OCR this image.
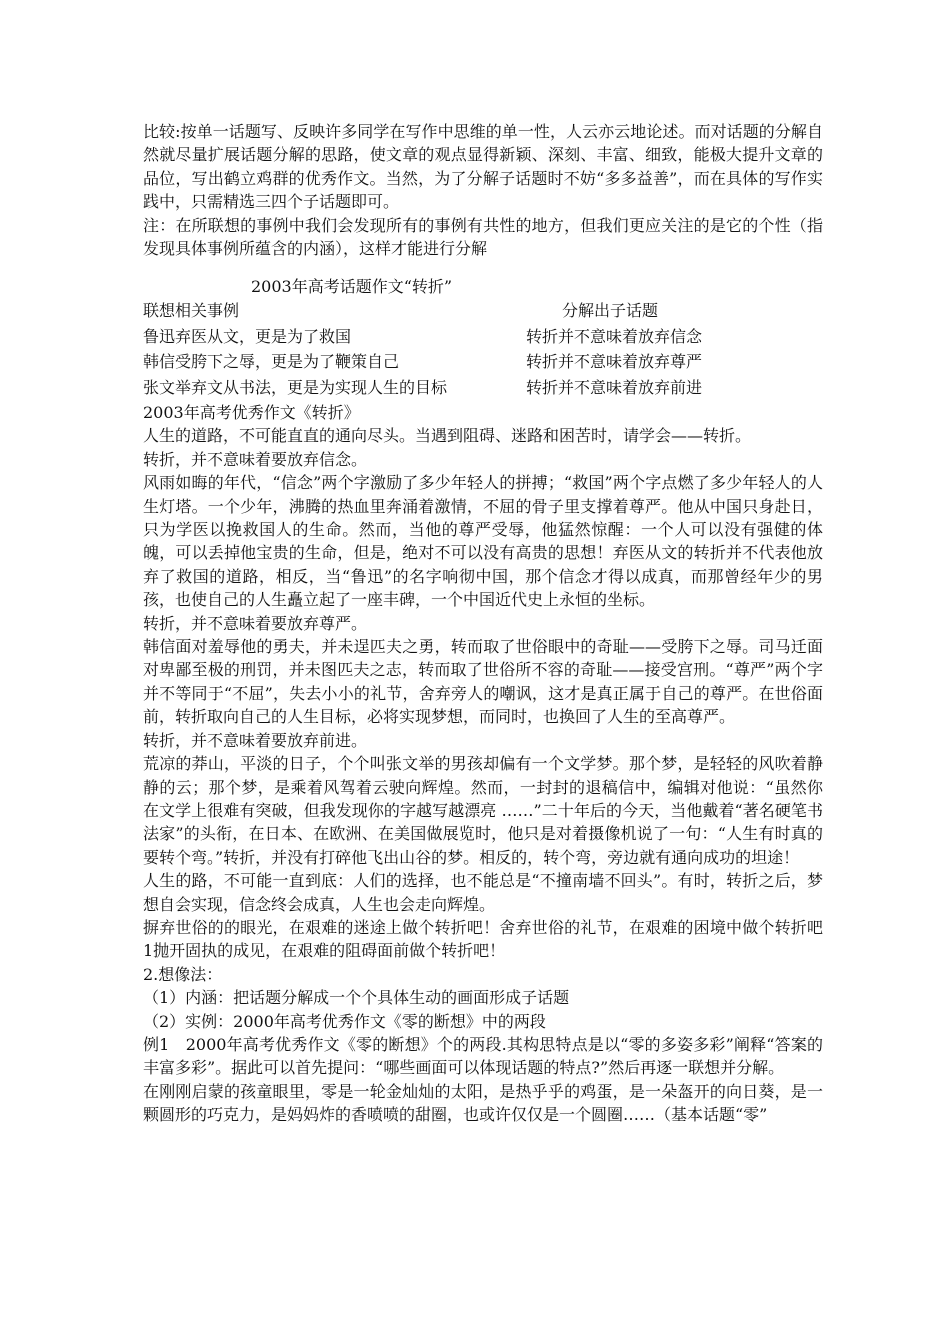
比较:按单一话题写、反映许多同学在写作中思维的单一性，人云亦云地论述。而对话题的分解自然就尽量扩展话题分解的思路，使文章的观点显得新颖、深刻、丰富、细致，能极大提升文章的品位，写出鹤立鸡群的优秀作文。当然，为了分解子话题时不妨“多多益善”，而在具体的写作实践中，只需精选三四个子话题即可。

注：在所联想的事例中我们会发现所有的事例有共性的地方，但我们更应关注的是它的个性（指发现具体事例所蕴含的内涵），这样才能进行分解

2003年高考话题作文“转折”
联想相关事例	分解出子话题
鲁迅弃医从文，更是为了救国	转折并不意味着放弃信念
韩信受胯下之辱，更是为了鞭策自己	转折并不意味着放弃尊严
张文举弃文从书法，更是为实现人生的目标	转折并不意味着放弃前进

2003年高考优秀作文《转折》

人生的道路，不可能直直的通向尽头。当遇到阻碍、迷路和困苦时，请学会——转折。

转折，并不意味着要放弃信念。

风雨如晦的年代，“信念”两个字激励了多少年轻人的拼搏；“救国”两个字点燃了多少年轻人的人生灯塔。一个少年，沸腾的热血里奔涌着激情，不屈的骨子里支撑着尊严。他从中国只身赴日，只为学医以挽救国人的生命。然而，当他的尊严受辱，他猛然惊醒：一个人可以没有强健的体魄，可以丢掉他宝贵的生命，但是，绝对不可以没有高贵的思想！弃医从文的转折并不代表他放弃了救国的道路，相反，当“鲁迅”的名字响彻中国，那个信念才得以成真，而那曾经年少的男孩，也使自己的人生矗立起了一座丰碑，一个中国近代史上永恒的坐标。

转折，并不意味着要放弃尊严。

韩信面对羞辱他的勇夫，并未逞匹夫之勇，转而取了世俗眼中的奇耻——受胯下之辱。司马迁面对卑鄙至极的刑罚，并未图匹夫之志，转而取了世俗所不容的奇耻——接受宫刑。“尊严”两个字并不等同于“不屈”，失去小小的礼节，舍弃旁人的嘲讽，这才是真正属于自己的尊严。在世俗面前，转折取向自己的人生目标，必将实现梦想，而同时，也换回了人生的至高尊严。

转折，并不意味着要放弃前进。

荒凉的莽山，平淡的日子，个个叫张文举的男孩却偏有一个文学梦。那个梦，是轻轻的风吹着静静的云；那个梦，是乘着风驾着云驶向辉煌。然而，一封封的退稿信中，编辑对他说：“虽然你在文学上很难有突破，但我发现你的字越写越漂亮 ……”二十年后的今天，当他戴着“著名硬笔书法家”的头衔，在日本、在欧洲、在美国做展览时，他只是对着摄像机说了一句：“人生有时真的要转个弯。”转折，并没有打碎他飞出山谷的梦。相反的，转个弯，旁边就有通向成功的坦途！

人生的路，不可能一直到底：人们的选择，也不能总是“不撞南墙不回头”。有时，转折之后，梦想自会实现，信念终会成真，人生也会走向辉煌。

摒弃世俗的的眼光，在艰难的迷途上做个转折吧！舍弃世俗的礼节，在艰难的困境中做个转折吧1抛开固执的成见，在艰难的阻碍面前做个转折吧！

2.想像法：

（1）内涵：把话题分解成一个个具体生动的画面形成子话题

（2）实例：2000年高考优秀作文《零的断想》中的两段

例1　2000年高考优秀作文《零的断想》个的两段.其构思特点是以“零的多姿多彩”阐释“答案的丰富多彩”。据此可以首先提问：“哪些画面可以体现话题的特点?”然后再逐一联想并分解。

在刚刚启蒙的孩童眼里，零是一轮金灿灿的太阳，是热乎乎的鸡蛋，是一朵盔开的向日葵，是一颗圆形的巧克力，是妈妈炸的香喷喷的甜圈，也或许仅仅是一个圆圈……（基本话题“零”
